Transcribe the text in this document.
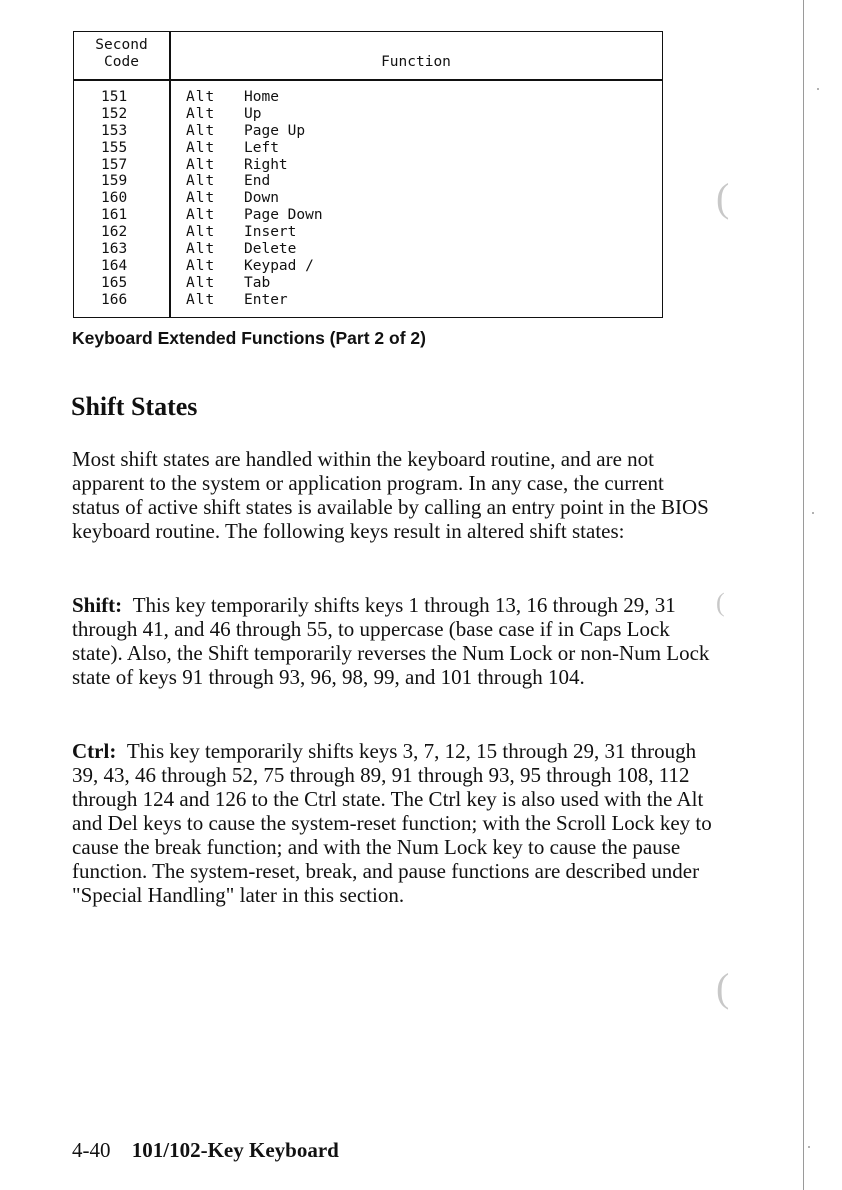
(
(
(
Second
Code	Function
151	Alt Home
152	Alt Up
153	Alt Page Up
155	Alt Left
157	Alt Right
159	Alt End
160	Alt Down
161	Alt Page Down
162	Alt Insert
163	Alt Delete
164	Alt Keypad /
165	Alt Tab
166	Alt Enter
Keyboard Extended Functions (Part 2 of 2)
Shift States

Most shift states are handled within the keyboard routine, and are not apparent to the system or application program. In any case, the current status of active shift states is available by calling an entry point in the BIOS keyboard routine. The following keys result in altered shift states:

Shift: This key temporarily shifts keys 1 through 13, 16 through 29, 31 through 41, and 46 through 55, to uppercase (base case if in Caps Lock state). Also, the Shift temporarily reverses the Num Lock or non-Num Lock state of keys 91 through 93, 96, 98, 99, and 101 through 104.

Ctrl: This key temporarily shifts keys 3, 7, 12, 15 through 29, 31 through 39, 43, 46 through 52, 75 through 89, 91 through 93, 95 through 108, 112 through 124 and 126 to the Ctrl state. The Ctrl key is also used with the Alt and Del keys to cause the system-reset function; with the Scroll Lock key to cause the break function; and with the Num Lock key to cause the pause function. The system-reset, break, and pause functions are described under "Special Handling" later in this section.

4-40 101/102-Key Keyboard
